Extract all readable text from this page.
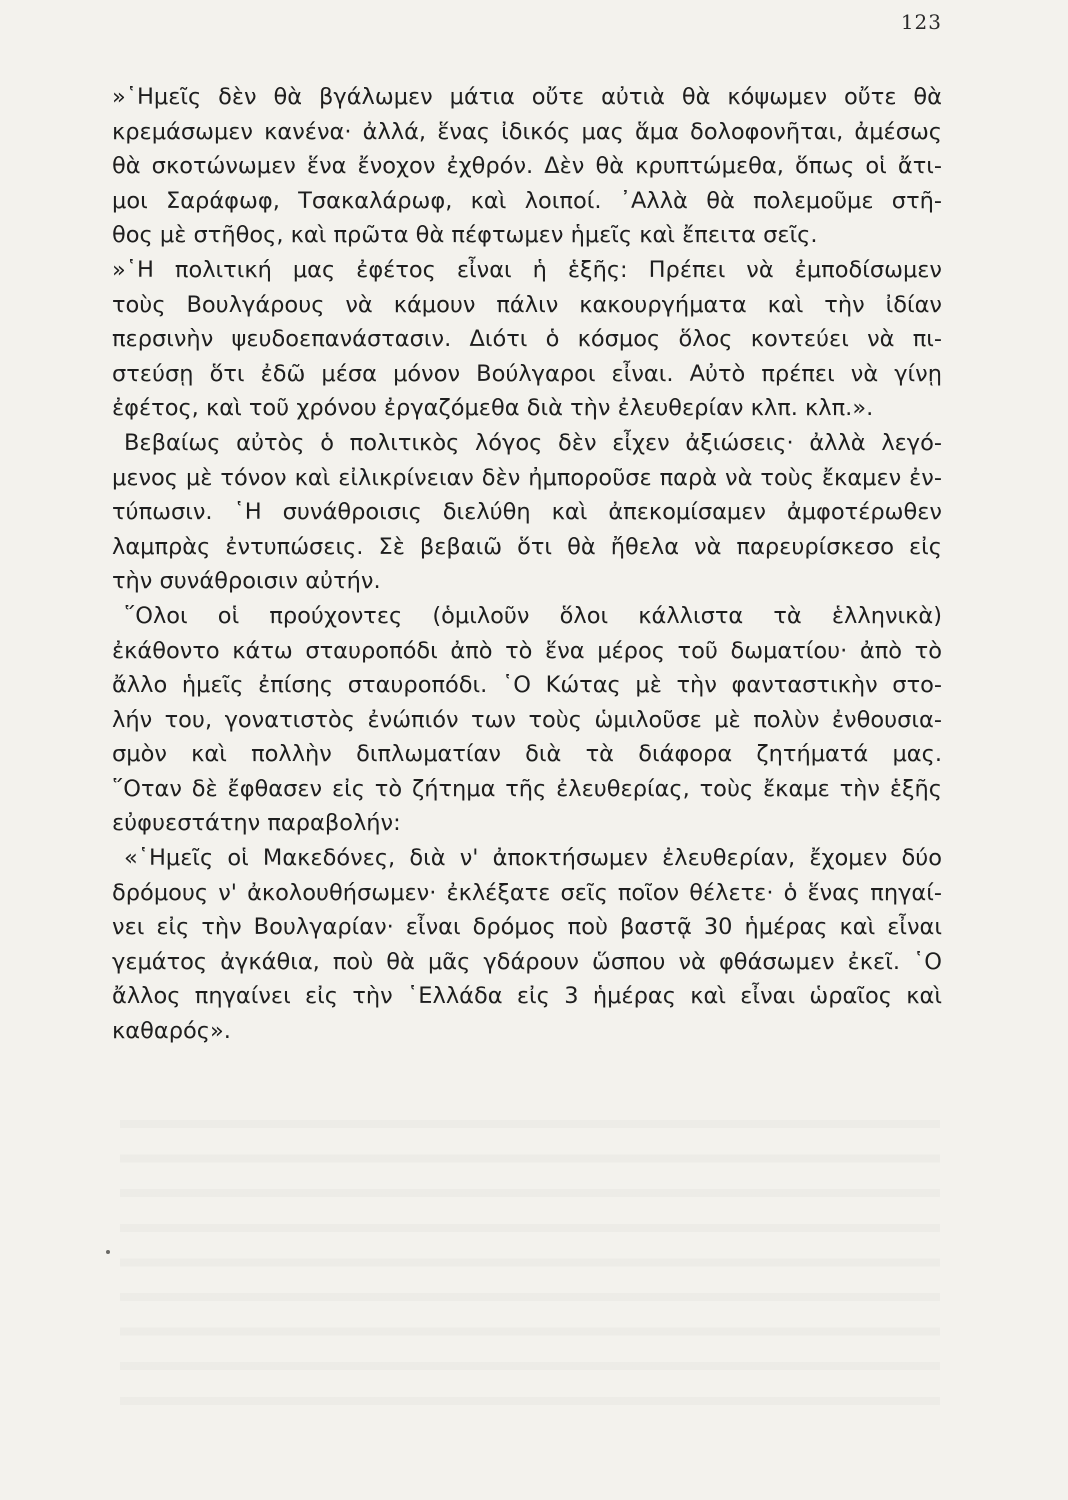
123
»῾Ημεῖς δὲν θὰ βγάλωμεν μάτια οὔτε αὐτιὰ θὰ κόψωμεν οὔτε θὰ
κρεμάσωμεν κανένα· ἀλλά, ἕνας ἰδικός μας ἅμα δολοφονῆται, ἀμέσως
θὰ σκοτώνωμεν ἕνα ἔνοχον ἐχθρόν. Δὲν θὰ κρυπτώμεθα, ὅπως οἱ ἄτι-
μοι Σαράφωφ, Τσακαλάρωφ, καὶ λοιποί. ᾿Αλλὰ θὰ πολεμοῦμε στῆ-
θος μὲ στῆθος, καὶ πρῶτα θὰ πέφτωμεν ἡμεῖς καὶ ἔπειτα σεῖς.
»῾Η πολιτική μας ἐφέτος εἶναι ἡ ἑξῆς: Πρέπει νὰ ἐμποδίσωμεν
τοὺς Βουλγάρους νὰ κάμουν πάλιν κακουργήματα καὶ τὴν ἰδίαν
περσινὴν ψευδοεπανάστασιν. Διότι ὁ κόσμος ὅλος κοντεύει νὰ πι-
στεύσῃ ὅτι ἐδῶ μέσα μόνον Βούλγαροι εἶναι. Αὐτὸ πρέπει νὰ γίνῃ
ἐφέτος, καὶ τοῦ χρόνου ἐργαζόμεθα διὰ τὴν ἐλευθερίαν κλπ. κλπ.».
Βεβαίως αὐτὸς ὁ πολιτικὸς λόγος δὲν εἶχεν ἀξιώσεις· ἀλλὰ λεγό-
μενος μὲ τόνον καὶ εἰλικρίνειαν δὲν ἠμποροῦσε παρὰ νὰ τοὺς ἔκαμεν ἐν-
τύπωσιν. ῾Η συνάθροισις διελύθη καὶ ἀπεκομίσαμεν ἀμφοτέρωθεν
λαμπρὰς ἐντυπώσεις. Σὲ βεβαιῶ ὅτι θὰ ἤθελα νὰ παρευρίσκεσο εἰς
τὴν συνάθροισιν αὐτήν.
῞Ολοι οἱ προύχοντες (ὁμιλοῦν ὅλοι κάλλιστα τὰ ἑλληνικὰ)
ἐκάθοντο κάτω σταυροπόδι ἀπὸ τὸ ἕνα μέρος τοῦ δωματίου· ἀπὸ τὸ
ἄλλο ἡμεῖς ἐπίσης σταυροπόδι. ῾Ο Κώτας μὲ τὴν φανταστικὴν στο-
λήν του, γονατιστὸς ἐνώπιόν των τοὺς ὡμιλοῦσε μὲ πολὺν ἐνθουσια-
σμὸν καὶ πολλὴν διπλωματίαν διὰ τὰ διάφορα ζητήματά μας.
῞Οταν δὲ ἔφθασεν εἰς τὸ ζήτημα τῆς ἐλευθερίας, τοὺς ἔκαμε τὴν ἑξῆς
εὐφυεστάτην παραβολήν:
«῾Ημεῖς οἱ Μακεδόνες, διὰ ν' ἀποκτήσωμεν ἐλευθερίαν, ἔχομεν δύο
δρόμους ν' ἀκολουθήσωμεν· ἐκλέξατε σεῖς ποῖον θέλετε· ὁ ἕνας πηγαί-
νει εἰς τὴν Βουλγαρίαν· εἶναι δρόμος ποὺ βαστᾷ 30 ἡμέρας καὶ εἶναι
γεμάτος ἀγκάθια, ποὺ θὰ μᾶς γδάρουν ὥσπου νὰ φθάσωμεν ἐκεῖ. ῾Ο
ἄλλος πηγαίνει εἰς τὴν ῾Ελλάδα εἰς 3 ἡμέρας καὶ εἶναι ὡραῖος καὶ
καθαρός».
